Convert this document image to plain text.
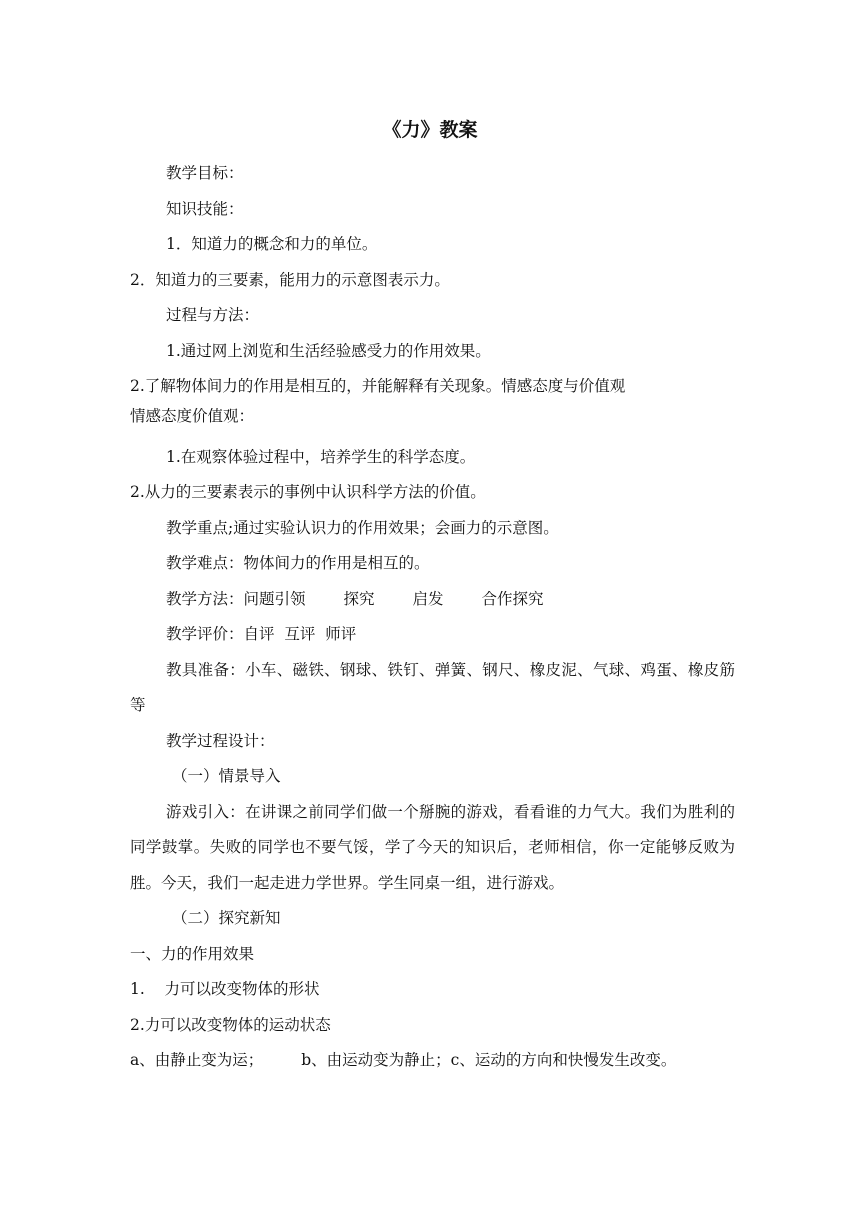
《力》教案
教学目标：
知识技能：
1．知道力的概念和力的单位。
2．知道力的三要素，能用力的示意图表示力。
过程与方法：
1.通过网上浏览和生活经验感受力的作用效果。
2.了解物体间力的作用是相互的，并能解释有关现象。情感态度与价值观
情感态度价值观：
1.在观察体验过程中，培养学生的科学态度。
2.从力的三要素表示的事例中认识科学方法的价值。
教学重点;通过实验认识力的作用效果；会画力的示意图。
教学难点：物体间力的作用是相互的。
教学方法：问题引领 探究 启发 合作探究
教学评价：自评  互评  师评
教具准备：小车、磁铁、钢球、铁钉、弹簧、钢尺、橡皮泥、气球、鸡蛋、橡皮筋等
教学过程设计：
（一）情景导入
游戏引入：在讲课之前同学们做一个掰腕的游戏，看看谁的力气大。我们为胜利的同学鼓掌。失败的同学也不要气馁，学了今天的知识后，老师相信，你一定能够反败为胜。今天，我们一起走进力学世界。学生同桌一组，进行游戏。
（二）探究新知
一、力的作用效果
1.    力可以改变物体的形状
2.力可以改变物体的运动状态
a、由静止变为运； b、由运动变为静止；c、运动的方向和快慢发生改变。
